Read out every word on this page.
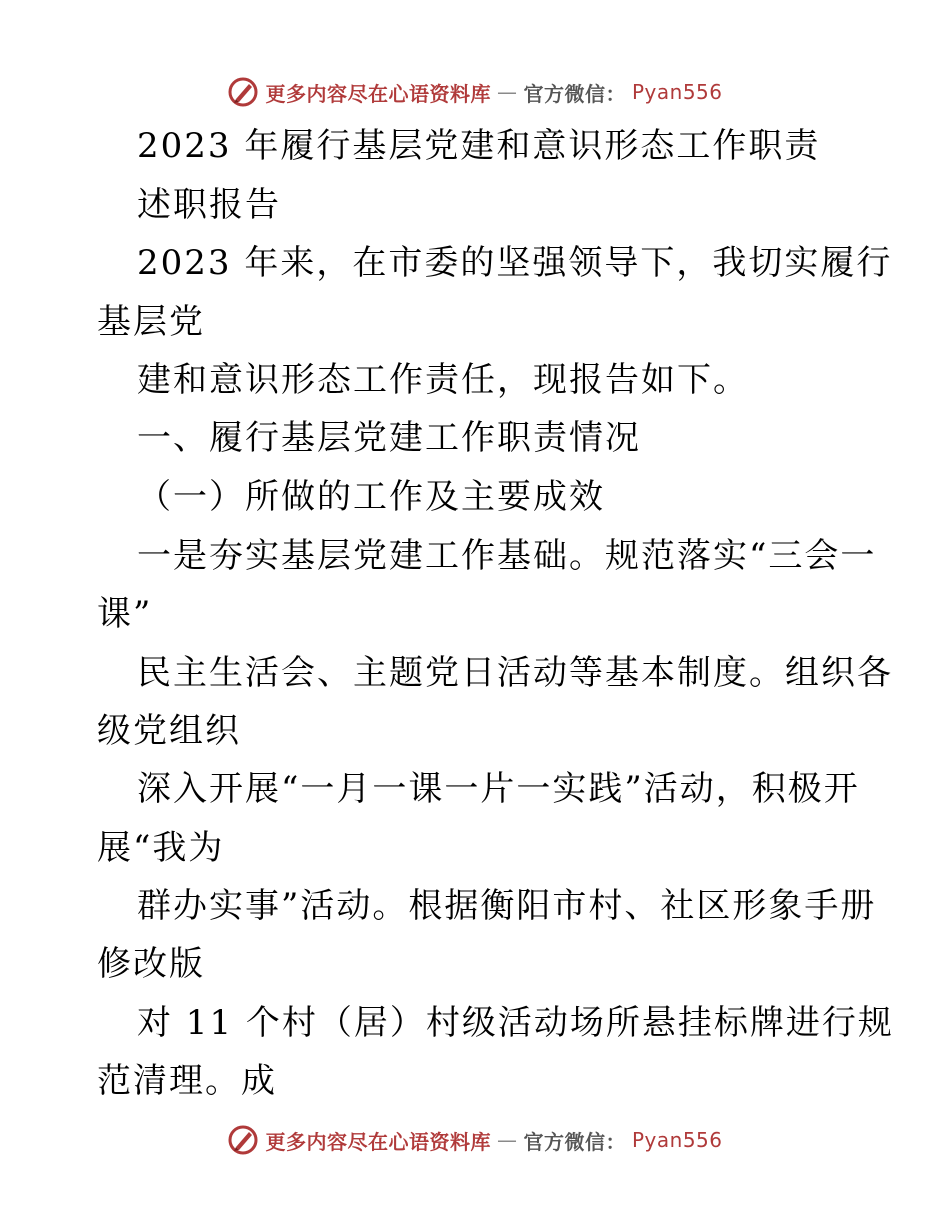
更多内容尽在心语资料库 — 官方微信： Pyan556
2023 年履行基层党建和意识形态工作职责
述职报告
2023 年来，在市委的坚强领导下，我切实履行
基层党
建和意识形态工作责任，现报告如下。
一、履行基层党建工作职责情况
（一）所做的工作及主要成效
一是夯实基层党建工作基础。规范落实“三会一
课”
民主生活会、主题党日活动等基本制度。组织各
级党组织
深入开展“一月一课一片一实践”活动，积极开
展“我为
群办实事”活动。根据衡阳市村、社区形象手册
修改版
对 11 个村（居）村级活动场所悬挂标牌进行规
范清理。成
更多内容尽在心语资料库 — 官方微信： Pyan556
